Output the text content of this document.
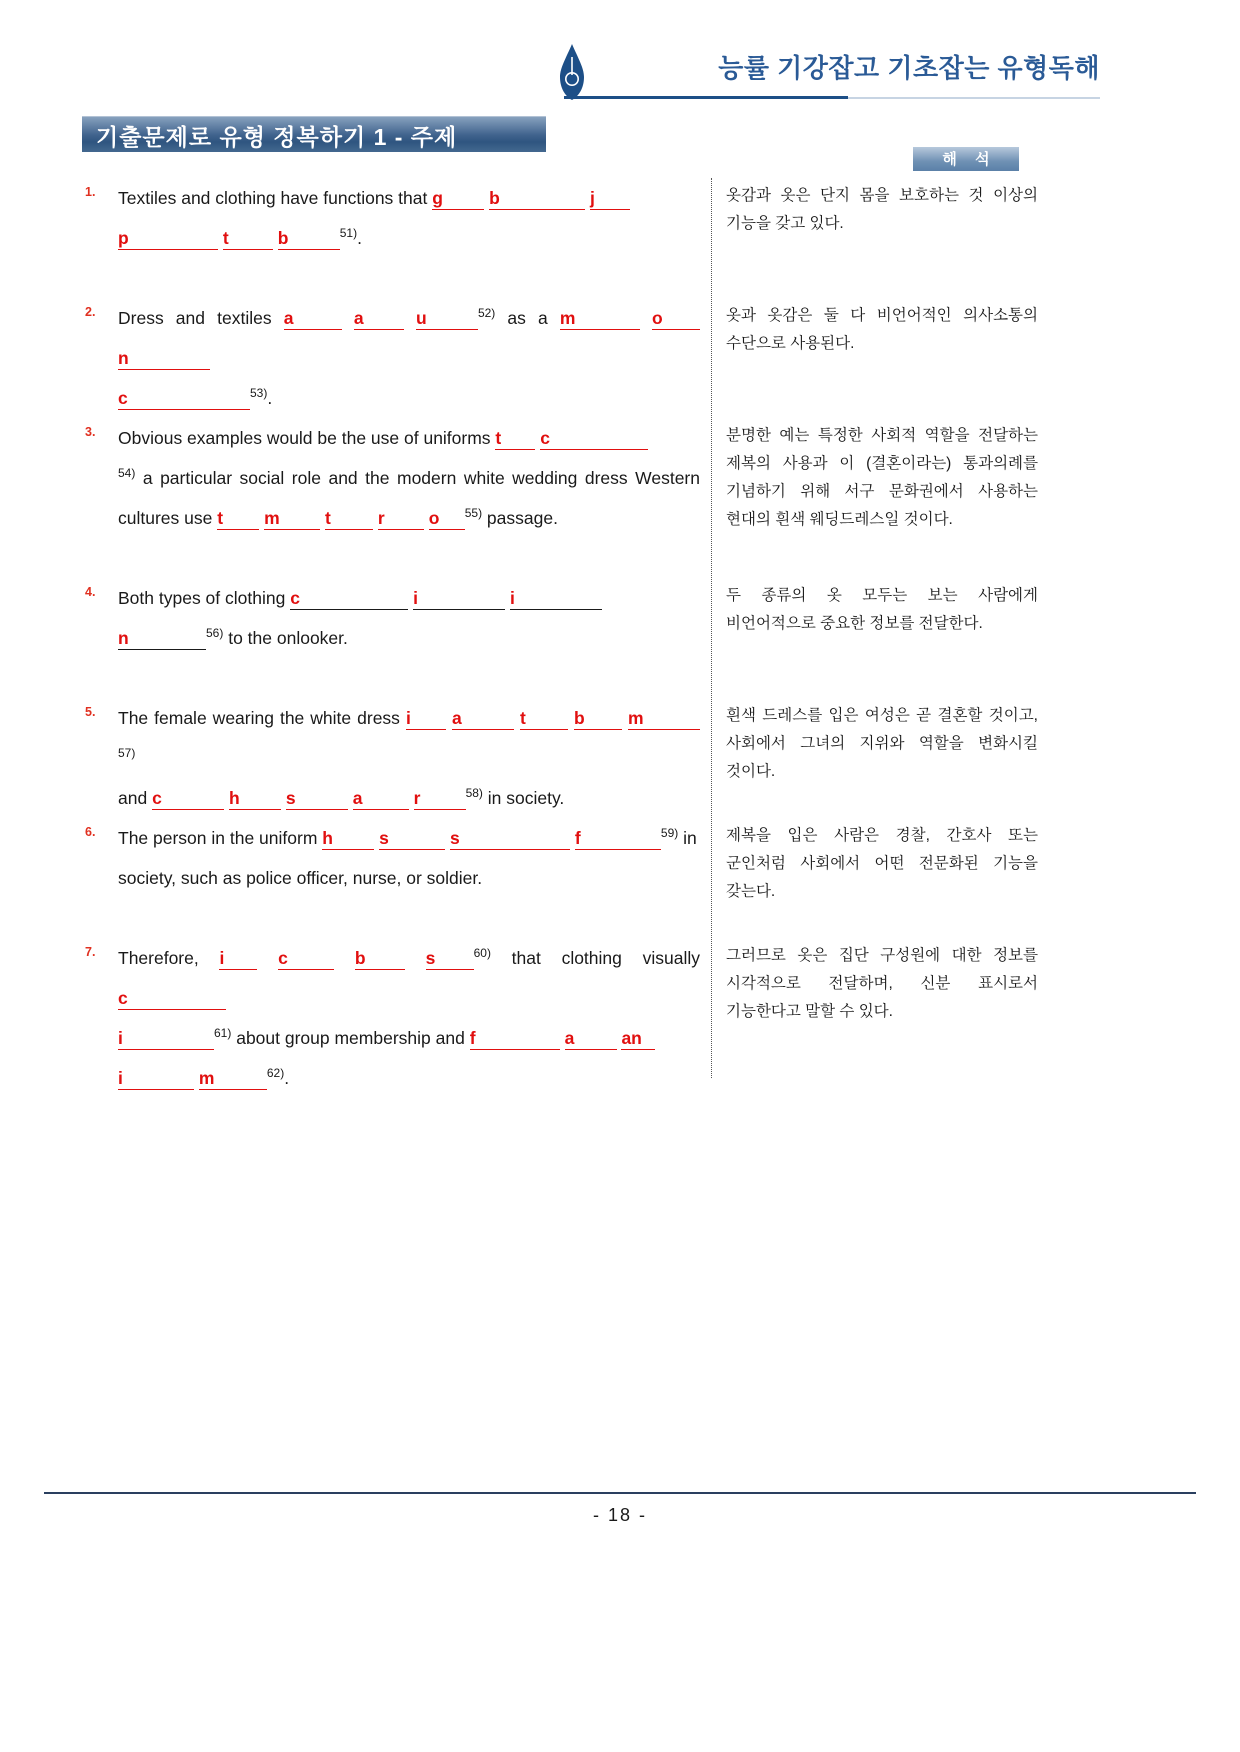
능률 기강잡고 기초잡는 유형독해
기출문제로 유형 정복하기 1 - 주제
해 석
1.	Textiles and clothing have functions that g	b	j
p	t	b	$^{51)}$.
옷감과 옷은 단지 몸을 보호하는 것 이상의 기능을 갖고 있다.
2.	Dress and textiles a	a	u	$^{52)}$ as a m	o n
c	$^{53)}$.
옷과 옷감은 둘 다 비언어적인 의사소통의 수단으로 사용된다.
3.	Obvious examples would be the use of uniforms t c
$^{54)}$ a particular social role and the modern white wedding dress Western cultures use t m	t	r	o $^{55)}$ passage.
분명한 예는 특정한 사회적 역할을 전달하는 제복의 사용과 이 (결혼이라는) 통과의례를 기념하기 위해 서구 문화권에서 사용하는 현대의 흰색 웨딩드레스일 것이다.
4.	Both types of clothing c	i	i
n	$^{56)}$ to the onlooker.
두 종류의 옷 모두는 보는 사람에게 비언어적으로 중요한 정보를 전달한다.
5.	The female wearing the white dress i a	t	b m$^{57)}$
and c	h	s	a	r	$^{58)}$ in society.
흰색 드레스를 입은 여성은 곧 결혼할 것이고, 사회에서 그녀의 지위와 역할을 변화시킬 것이다.
6.	The person in the uniform h	s	s	f	$^{59)}$ in
society, such as police officer, nurse, or soldier.
제복을 입은 사람은 경찰, 간호사 또는 군인처럼 사회에서 어떤 전문화된 기능을 갖는다.
7.	Therefore, i	c	b	s	$^{60)}$ that clothing visually c
i	$^{61)}$ about group membership and f	a	an
i	m	$^{62)}$.
그러므로 옷은 집단 구성원에 대한 정보를 시각적으로 전달하며, 신분 표시로서 기능한다고 말할 수 있다.
- 18 -
